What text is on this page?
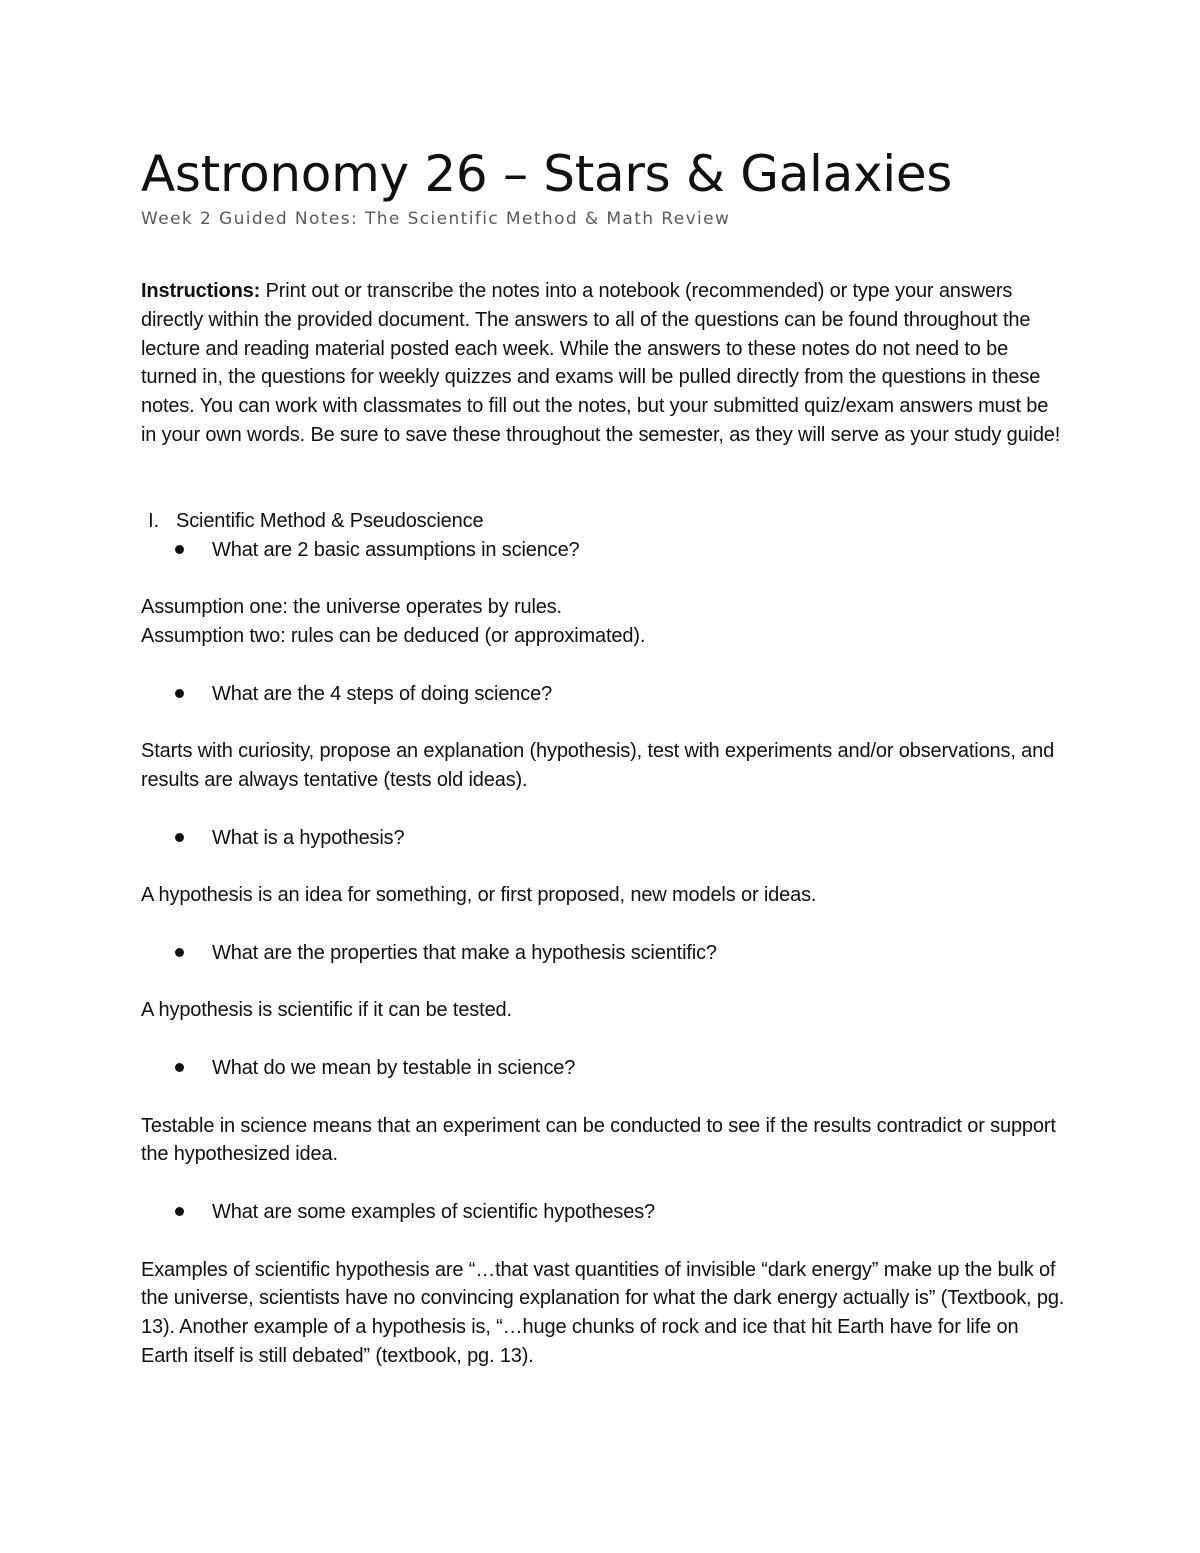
Astronomy 26 – Stars & Galaxies
Week 2 Guided Notes: The Scientific Method & Math Review
Instructions: Print out or transcribe the notes into a notebook (recommended) or type your answers directly within the provided document. The answers to all of the questions can be found throughout the lecture and reading material posted each week. While the answers to these notes do not need to be turned in, the questions for weekly quizzes and exams will be pulled directly from the questions in these notes. You can work with classmates to fill out the notes, but your submitted quiz/exam answers must be in your own words. Be sure to save these throughout the semester, as they will serve as your study guide!
I. Scientific Method & Pseudoscience
What are 2 basic assumptions in science?

Assumption one: the universe operates by rules.

Assumption two: rules can be deduced (or approximated).

What are the 4 steps of doing science?

Starts with curiosity, propose an explanation (hypothesis), test with experiments and/or observations, and results are always tentative (tests old ideas).

What is a hypothesis?

A hypothesis is an idea for something, or first proposed, new models or ideas.

What are the properties that make a hypothesis scientific?

A hypothesis is scientific if it can be tested.

What do we mean by testable in science?

Testable in science means that an experiment can be conducted to see if the results contradict or support the hypothesized idea.

What are some examples of scientific hypotheses?

Examples of scientific hypothesis are “…that vast quantities of invisible “dark energy” make up the bulk of the universe, scientists have no convincing explanation for what the dark energy actually is” (Textbook, pg. 13). Another example of a hypothesis is, “…huge chunks of rock and ice that hit Earth have for life on Earth itself is still debated” (textbook, pg. 13).
